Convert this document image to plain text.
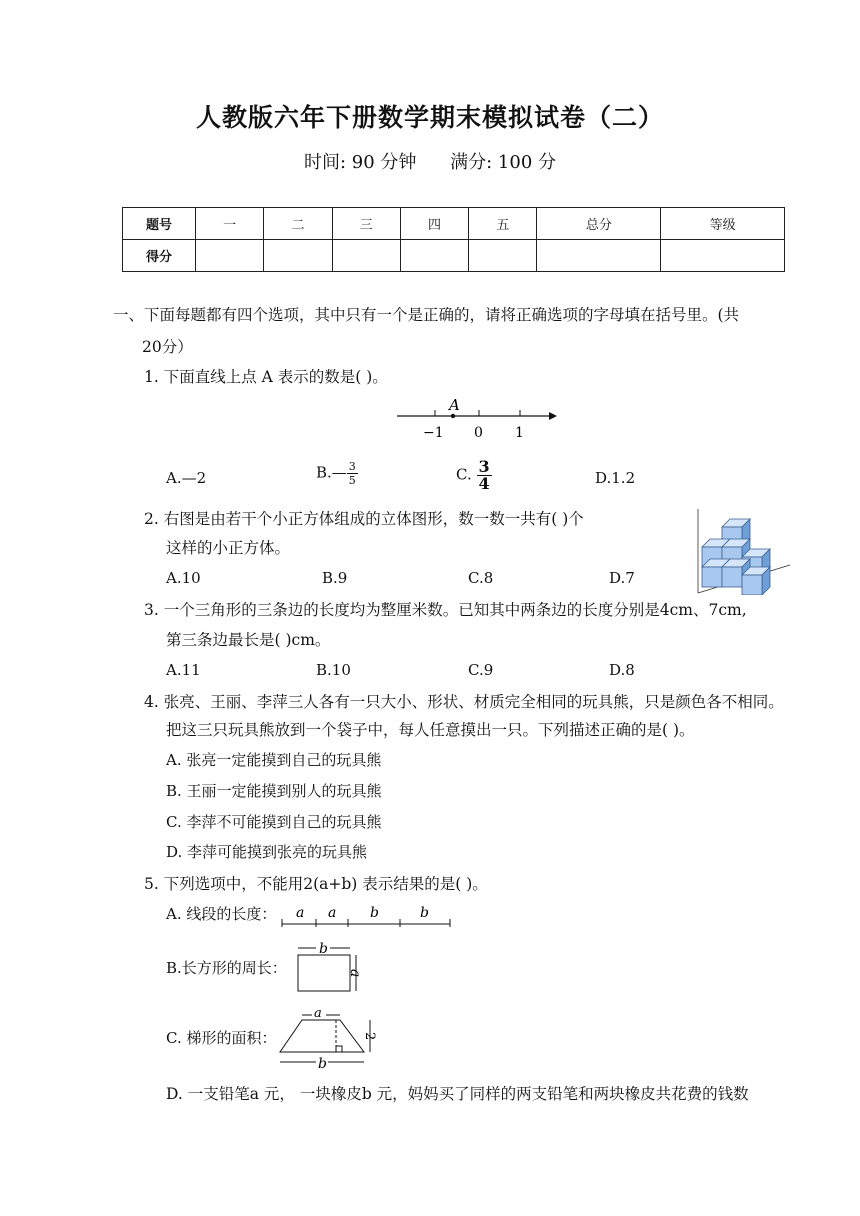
人教版六年下册数学期末模拟试卷（二）
时间: 90 分钟 满分: 100 分
题号	一	二	三	四	五	总分	等级
得分							
一、下面每题都有四个选项，其中只有一个是正确的，请将正确选项的字母填在括号里。(共
20分）
1. 下面直线上点 A 表示的数是( )。
A
−1 0 1
A.—2	B.— $\frac{3}{5}$	C. $\frac{3}{4}$	D.1.2
2. 右图是由若干个小正方体组成的立体图形，数一数一共有( )个
这样的小正方体。
A.10	B.9	C.8	D.7
3. 一个三角形的三条边的长度均为整厘米数。已知其中两条边的长度分别是4cm、7cm,
第三条边最长是( )cm。
A.11	B.10	C.9	D.8
4. 张亮、王丽、李萍三人各有一只大小、形状、材质完全相同的玩具熊，只是颜色各不相同。
把这三只玩具熊放到一个袋子中，每人任意摸出一只。下列描述正确的是( )。
A. 张亮一定能摸到自己的玩具熊
B. 王丽一定能摸到别人的玩具熊
C. 李萍不可能摸到自己的玩具熊
D. 李萍可能摸到张亮的玩具熊
5. 下列选项中，不能用2(a+b) 表示结果的是( )。
A. 线段的长度： a a b	b
B.长方形的周长：
b
a
C. 梯形的面积：
a
2
b
D. 一支铅笔a 元， 一块橡皮b 元，妈妈买了同样的两支铅笔和两块橡皮共花费的钱数
